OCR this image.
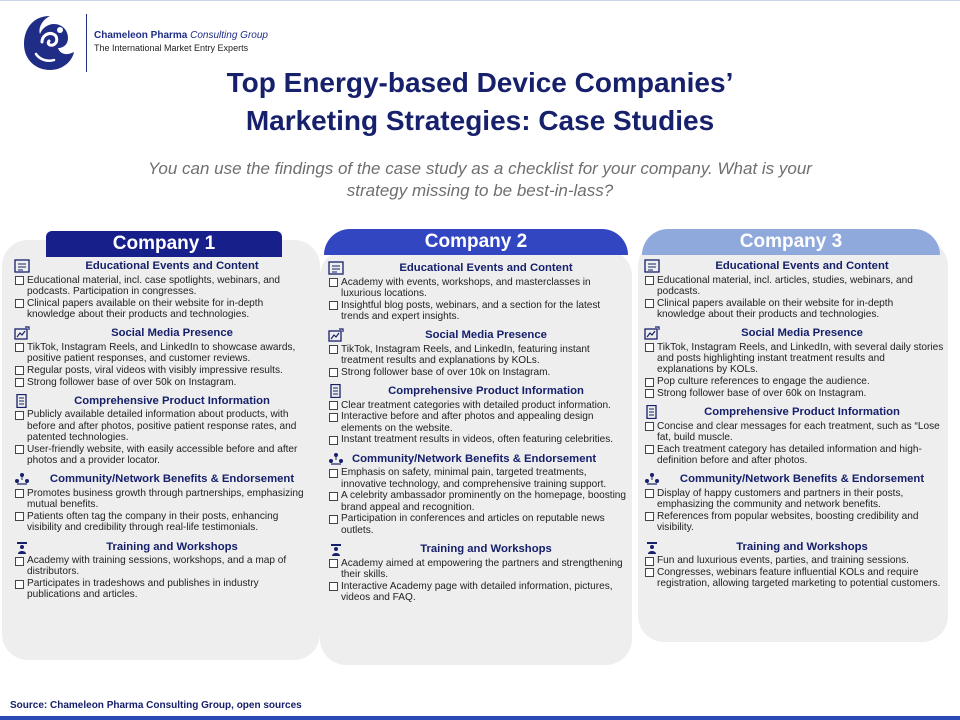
Chameleon Pharma Consulting Group
The International Market Entry Experts
Top Energy-based Device Companies’
Marketing Strategies: Case Studies
You can use the findings of the case study as a checklist for your company. What is your strategy missing to be best-in-lass?
Company 1	Company 2	Company 3
Educational Events and Content
Educational material, incl. case spotlights, webinars, and podcasts. Participation in congresses.
Clinical papers available on their website for in-depth knowledge about their products and technologies.
Social Media Presence
TikTok, Instagram Reels, and LinkedIn to showcase awards, positive patient responses, and customer reviews.
Regular posts, viral videos with visibly impressive results.
Strong follower base of over 50k on Instagram.
Comprehensive Product Information
Publicly available detailed information about products, with before and after photos, positive patient response rates, and patented technologies.
User-friendly website, with easily accessible before and after photos and a provider locator.
Community/Network Benefits & Endorsement
Promotes business growth through partnerships, emphasizing mutual benefits.
Patients often tag the company in their posts, enhancing visibility and credibility through real-life testimonials.
Training and Workshops
Academy with training sessions, workshops, and a map of distributors.
Participates in tradeshows and publishes in industry publications and articles.
Educational Events and Content
Academy with events, workshops, and masterclasses in luxurious locations.
Insightful blog posts, webinars, and a section for the latest trends and expert insights.
Social Media Presence
TikTok, Instagram Reels, and LinkedIn, featuring instant treatment results and explanations by KOLs.
Strong follower base of over 10k on Instagram.
Comprehensive Product Information
Clear treatment categories with detailed product information.
Interactive before and after photos and appealing design elements on the website.
Instant treatment results in videos, often featuring celebrities.
Community/Network Benefits & Endorsement
Emphasis on safety, minimal pain, targeted treatments, innovative technology, and comprehensive training support.
A celebrity ambassador prominently on the homepage, boosting brand appeal and recognition.
Participation in conferences and articles on reputable news outlets.
Training and Workshops
Academy aimed at empowering the partners and strengthening their skills.
Interactive Academy page with detailed information, pictures, videos and FAQ.
Educational Events and Content
Educational material, incl. articles, studies, webinars, and podcasts.
Clinical papers available on their website for in-depth knowledge about their products and technologies.
Social Media Presence
TikTok, Instagram Reels, and LinkedIn, with several daily stories and posts highlighting instant treatment results and explanations by KOLs.
Pop culture references to engage the audience.
Strong follower base of over 60k on Instagram.
Comprehensive Product Information
Concise and clear messages for each treatment, such as “Lose fat, build muscle.
Each treatment category has detailed information and high-definition before and after photos.
Community/Network Benefits & Endorsement
Display of happy customers and partners in their posts, emphasizing the community and network benefits.
References from popular websites, boosting credibility and visibility.
Training and Workshops
Fun and luxurious events, parties, and training sessions.
Congresses, webinars feature influential KOLs and require registration, allowing targeted marketing to potential customers.
Source: Chameleon Pharma Consulting Group, open sources
